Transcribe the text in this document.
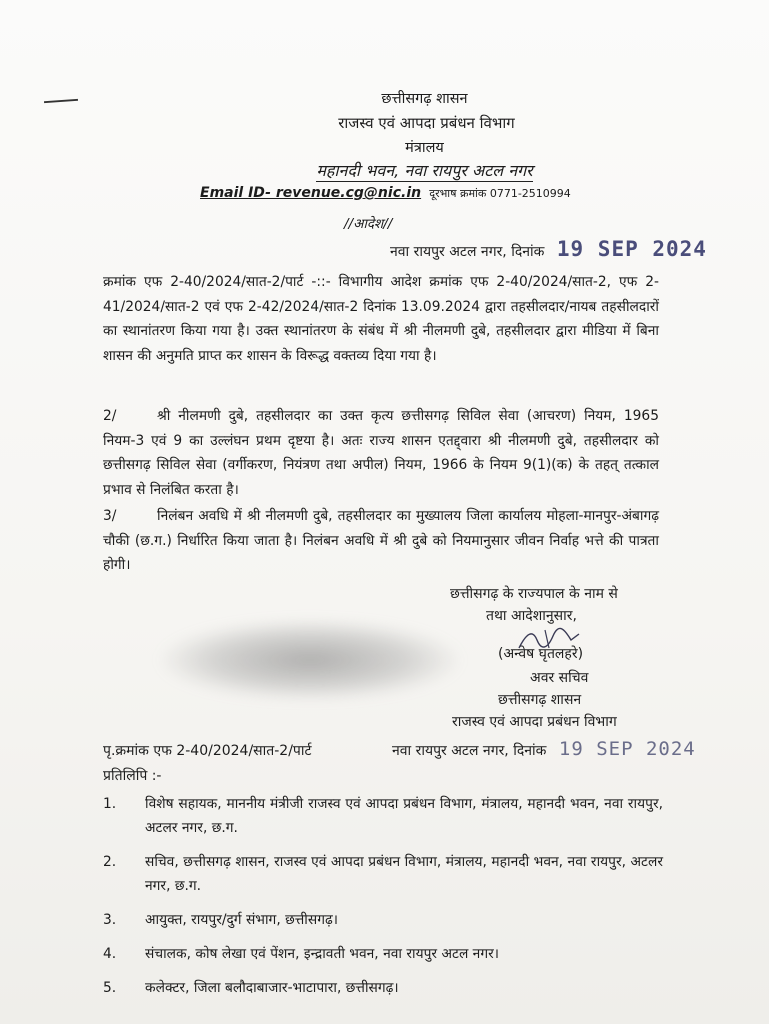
छत्तीसगढ़ शासन
राजस्व एवं आपदा प्रबंधन विभाग
मंत्रालय
महानदी भवन, नवा रायपुर अटल नगर
Email ID- revenue.cg@nic.in दूरभाष क्रमांक 0771-2510994
//आदेश//
नवा रायपुर अटल नगर, दिनांक 19 SEP 2024
क्रमांक एफ 2-40/2024/सात-2/पार्ट -::- विभागीय आदेश क्रमांक एफ 2-40/2024/सात-2, एफ 2-41/2024/सात-2 एवं एफ 2-42/2024/सात-2 दिनांक 13.09.2024 द्वारा तहसीलदार/नायब तहसीलदारों का स्थानांतरण किया गया है। उक्त स्थानांतरण के संबंध में श्री नीलमणी दुबे, तहसीलदार द्वारा मीडिया में बिना शासन की अनुमति प्राप्त कर शासन के विरूद्ध वक्तव्य दिया गया है।
2/	श्री नीलमणी दुबे, तहसीलदार का उक्त कृत्य छत्तीसगढ़ सिविल सेवा (आचरण) नियम, 1965 नियम-3 एवं 9 का उल्लंघन प्रथम दृष्टया है। अतः राज्य शासन एतद्द्वारा श्री नीलमणी दुबे, तहसीलदार को छत्तीसगढ़ सिविल सेवा (वर्गीकरण, नियंत्रण तथा अपील) नियम, 1966 के नियम 9(1)(क) के तहत् तत्काल प्रभाव से निलंबित करता है।
3/	निलंबन अवधि में श्री नीलमणी दुबे, तहसीलदार का मुख्यालय जिला कार्यालय मोहला-मानपुर-अंबागढ़ चौकी (छ.ग.) निर्धारित किया जाता है। निलंबन अवधि में श्री दुबे को नियमानुसार जीवन निर्वाह भत्ते की पात्रता होगी।
छत्तीसगढ़ के राज्यपाल के नाम से
तथा आदेशानुसार,
(अन्वेष घृतलहरे)
अवर सचिव
छत्तीसगढ़ शासन
राजस्व एवं आपदा प्रबंधन विभाग
पृ.क्रमांक एफ 2-40/2024/सात-2/पार्ट	नवा रायपुर अटल नगर, दिनांक 19 SEP 2024
प्रतिलिपि :-
1.	विशेष सहायक, माननीय मंत्रीजी राजस्व एवं आपदा प्रबंधन विभाग, मंत्रालय, महानदी भवन, नवा रायपुर, अटलर नगर, छ.ग.
2.	सचिव, छत्तीसगढ़ शासन, राजस्व एवं आपदा प्रबंधन विभाग, मंत्रालय, महानदी भवन, नवा रायपुर, अटलर नगर, छ.ग.
3.	आयुक्त, रायपुर/दुर्ग संभाग, छत्तीसगढ़।
4.	संचालक, कोष लेखा एवं पेंशन, इन्द्रावती भवन, नवा रायपुर अटल नगर।
5.	कलेक्टर, जिला बलौदाबाजार-भाटापारा, छत्तीसगढ़।
